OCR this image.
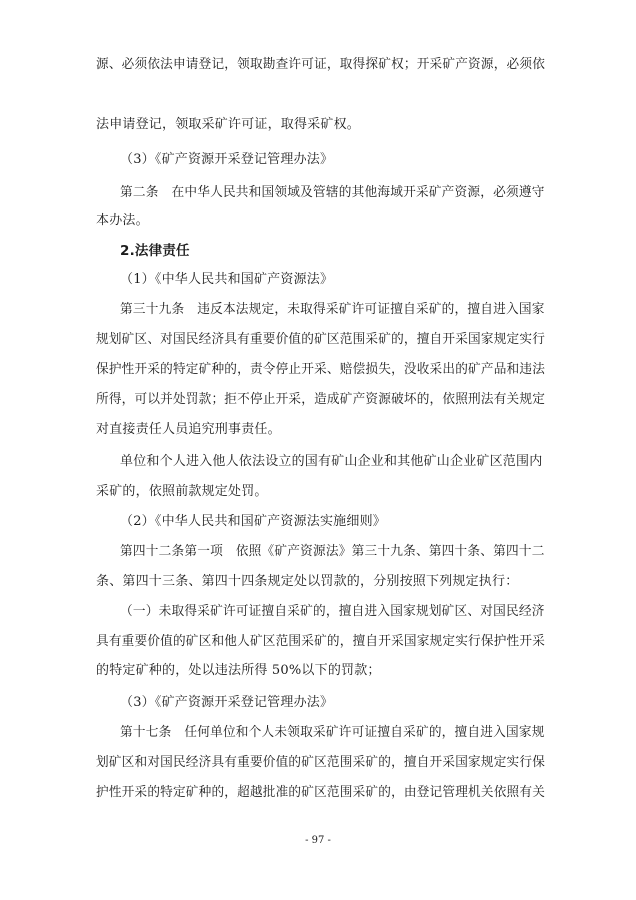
源、必须依法申请登记，领取勘查许可证，取得探矿权；开采矿产资源，必须依
法申请登记，领取采矿许可证，取得采矿权。
（3）《矿产资源开采登记管理办法》
第二条　在中华人民共和国领域及管辖的其他海域开采矿产资源，必须遵守
本办法。
2.法律责任
（1）《中华人民共和国矿产资源法》
第三十九条　违反本法规定，未取得采矿许可证擅自采矿的，擅自进入国家
规划矿区、对国民经济具有重要价值的矿区范围采矿的，擅自开采国家规定实行
保护性开采的特定矿种的，责令停止开采、赔偿损失，没收采出的矿产品和违法
所得，可以并处罚款；拒不停止开采，造成矿产资源破坏的，依照刑法有关规定
对直接责任人员追究刑事责任。
单位和个人进入他人依法设立的国有矿山企业和其他矿山企业矿区范围内
采矿的，依照前款规定处罚。
（2）《中华人民共和国矿产资源法实施细则》
第四十二条第一项　依照《矿产资源法》第三十九条、第四十条、第四十二
条、第四十三条、第四十四条规定处以罚款的，分别按照下列规定执行：
（一）未取得采矿许可证擅自采矿的，擅自进入国家规划矿区、对国民经济
具有重要价值的矿区和他人矿区范围采矿的，擅自开采国家规定实行保护性开采
的特定矿种的，处以违法所得 50%以下的罚款；
（3）《矿产资源开采登记管理办法》
第十七条　任何单位和个人未领取采矿许可证擅自采矿的，擅自进入国家规
划矿区和对国民经济具有重要价值的矿区范围采矿的，擅自开采国家规定实行保
护性开采的特定矿种的，超越批准的矿区范围采矿的，由登记管理机关依照有关
- 97 -
